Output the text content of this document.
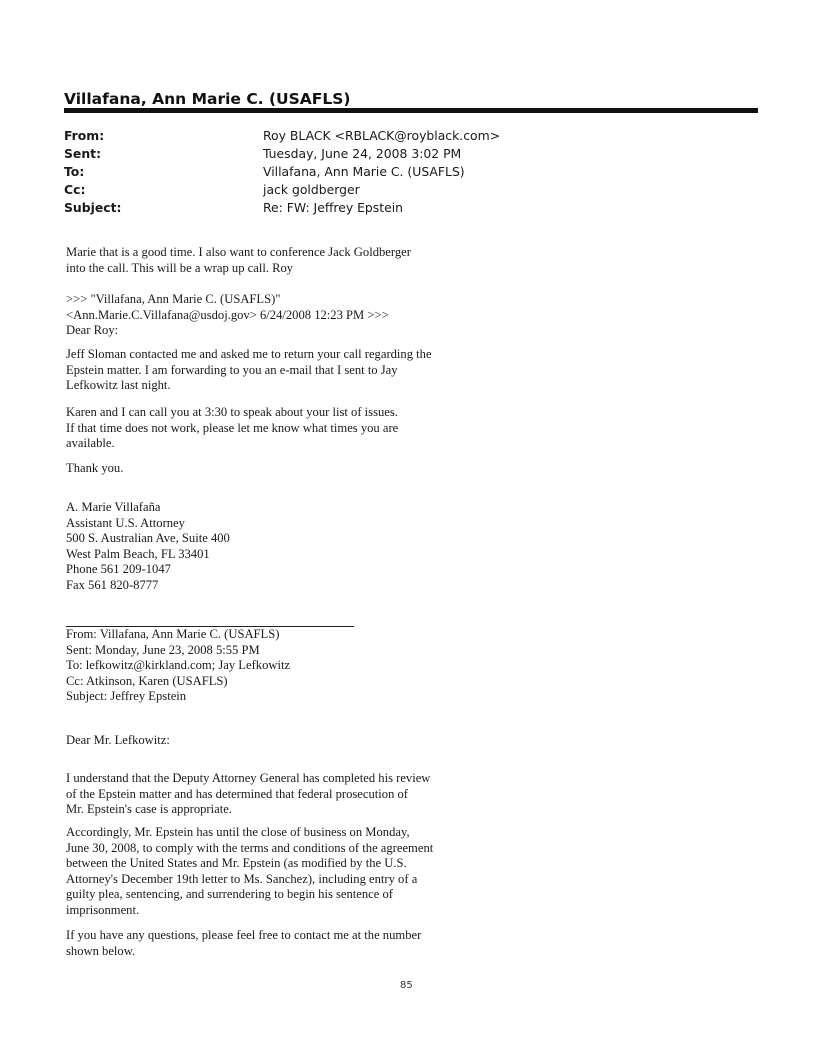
Villafana, Ann Marie C. (USAFLS)
From:	Roy BLACK <RBLACK@royblack.com>
Sent:	Tuesday, June 24, 2008 3:02 PM
To:	Villafana, Ann Marie C. (USAFLS)
Cc:	jack goldberger
Subject:	Re: FW: Jeffrey Epstein

Marie that is a good time. I also want to conference Jack Goldberger

into the call. This will be a wrap up call. Roy

>>> "Villafana, Ann Marie C. (USAFLS)"

<Ann.Marie.C.Villafana@usdoj.gov> 6/24/2008 12:23 PM >>>

Dear Roy:

Jeff Sloman contacted me and asked me to return your call regarding the

Epstein matter. I am forwarding to you an e-mail that I sent to Jay

Lefkowitz last night.

Karen and I can call you at 3:30 to speak about your list of issues.

If that time does not work, please let me know what times you are

available.

Thank you.

A. Marie Villafaña

Assistant U.S. Attorney

500 S. Australian Ave, Suite 400

West Palm Beach, FL 33401

Phone 561 209-1047

Fax 561 820-8777

From: Villafana, Ann Marie C. (USAFLS)

Sent: Monday, June 23, 2008 5:55 PM

To: lefkowitz@kirkland.com; Jay Lefkowitz

Cc: Atkinson, Karen (USAFLS)

Subject: Jeffrey Epstein

Dear Mr. Lefkowitz:

I understand that the Deputy Attorney General has completed his review

of the Epstein matter and has determined that federal prosecution of

Mr. Epstein's case is appropriate.

Accordingly, Mr. Epstein has until the close of business on Monday,

June 30, 2008, to comply with the terms and conditions of the agreement

between the United States and Mr. Epstein (as modified by the U.S.

Attorney's December 19th letter to Ms. Sanchez), including entry of a

guilty plea, sentencing, and surrendering to begin his sentence of

imprisonment.

If you have any questions, please feel free to contact me at the number

shown below.

85
